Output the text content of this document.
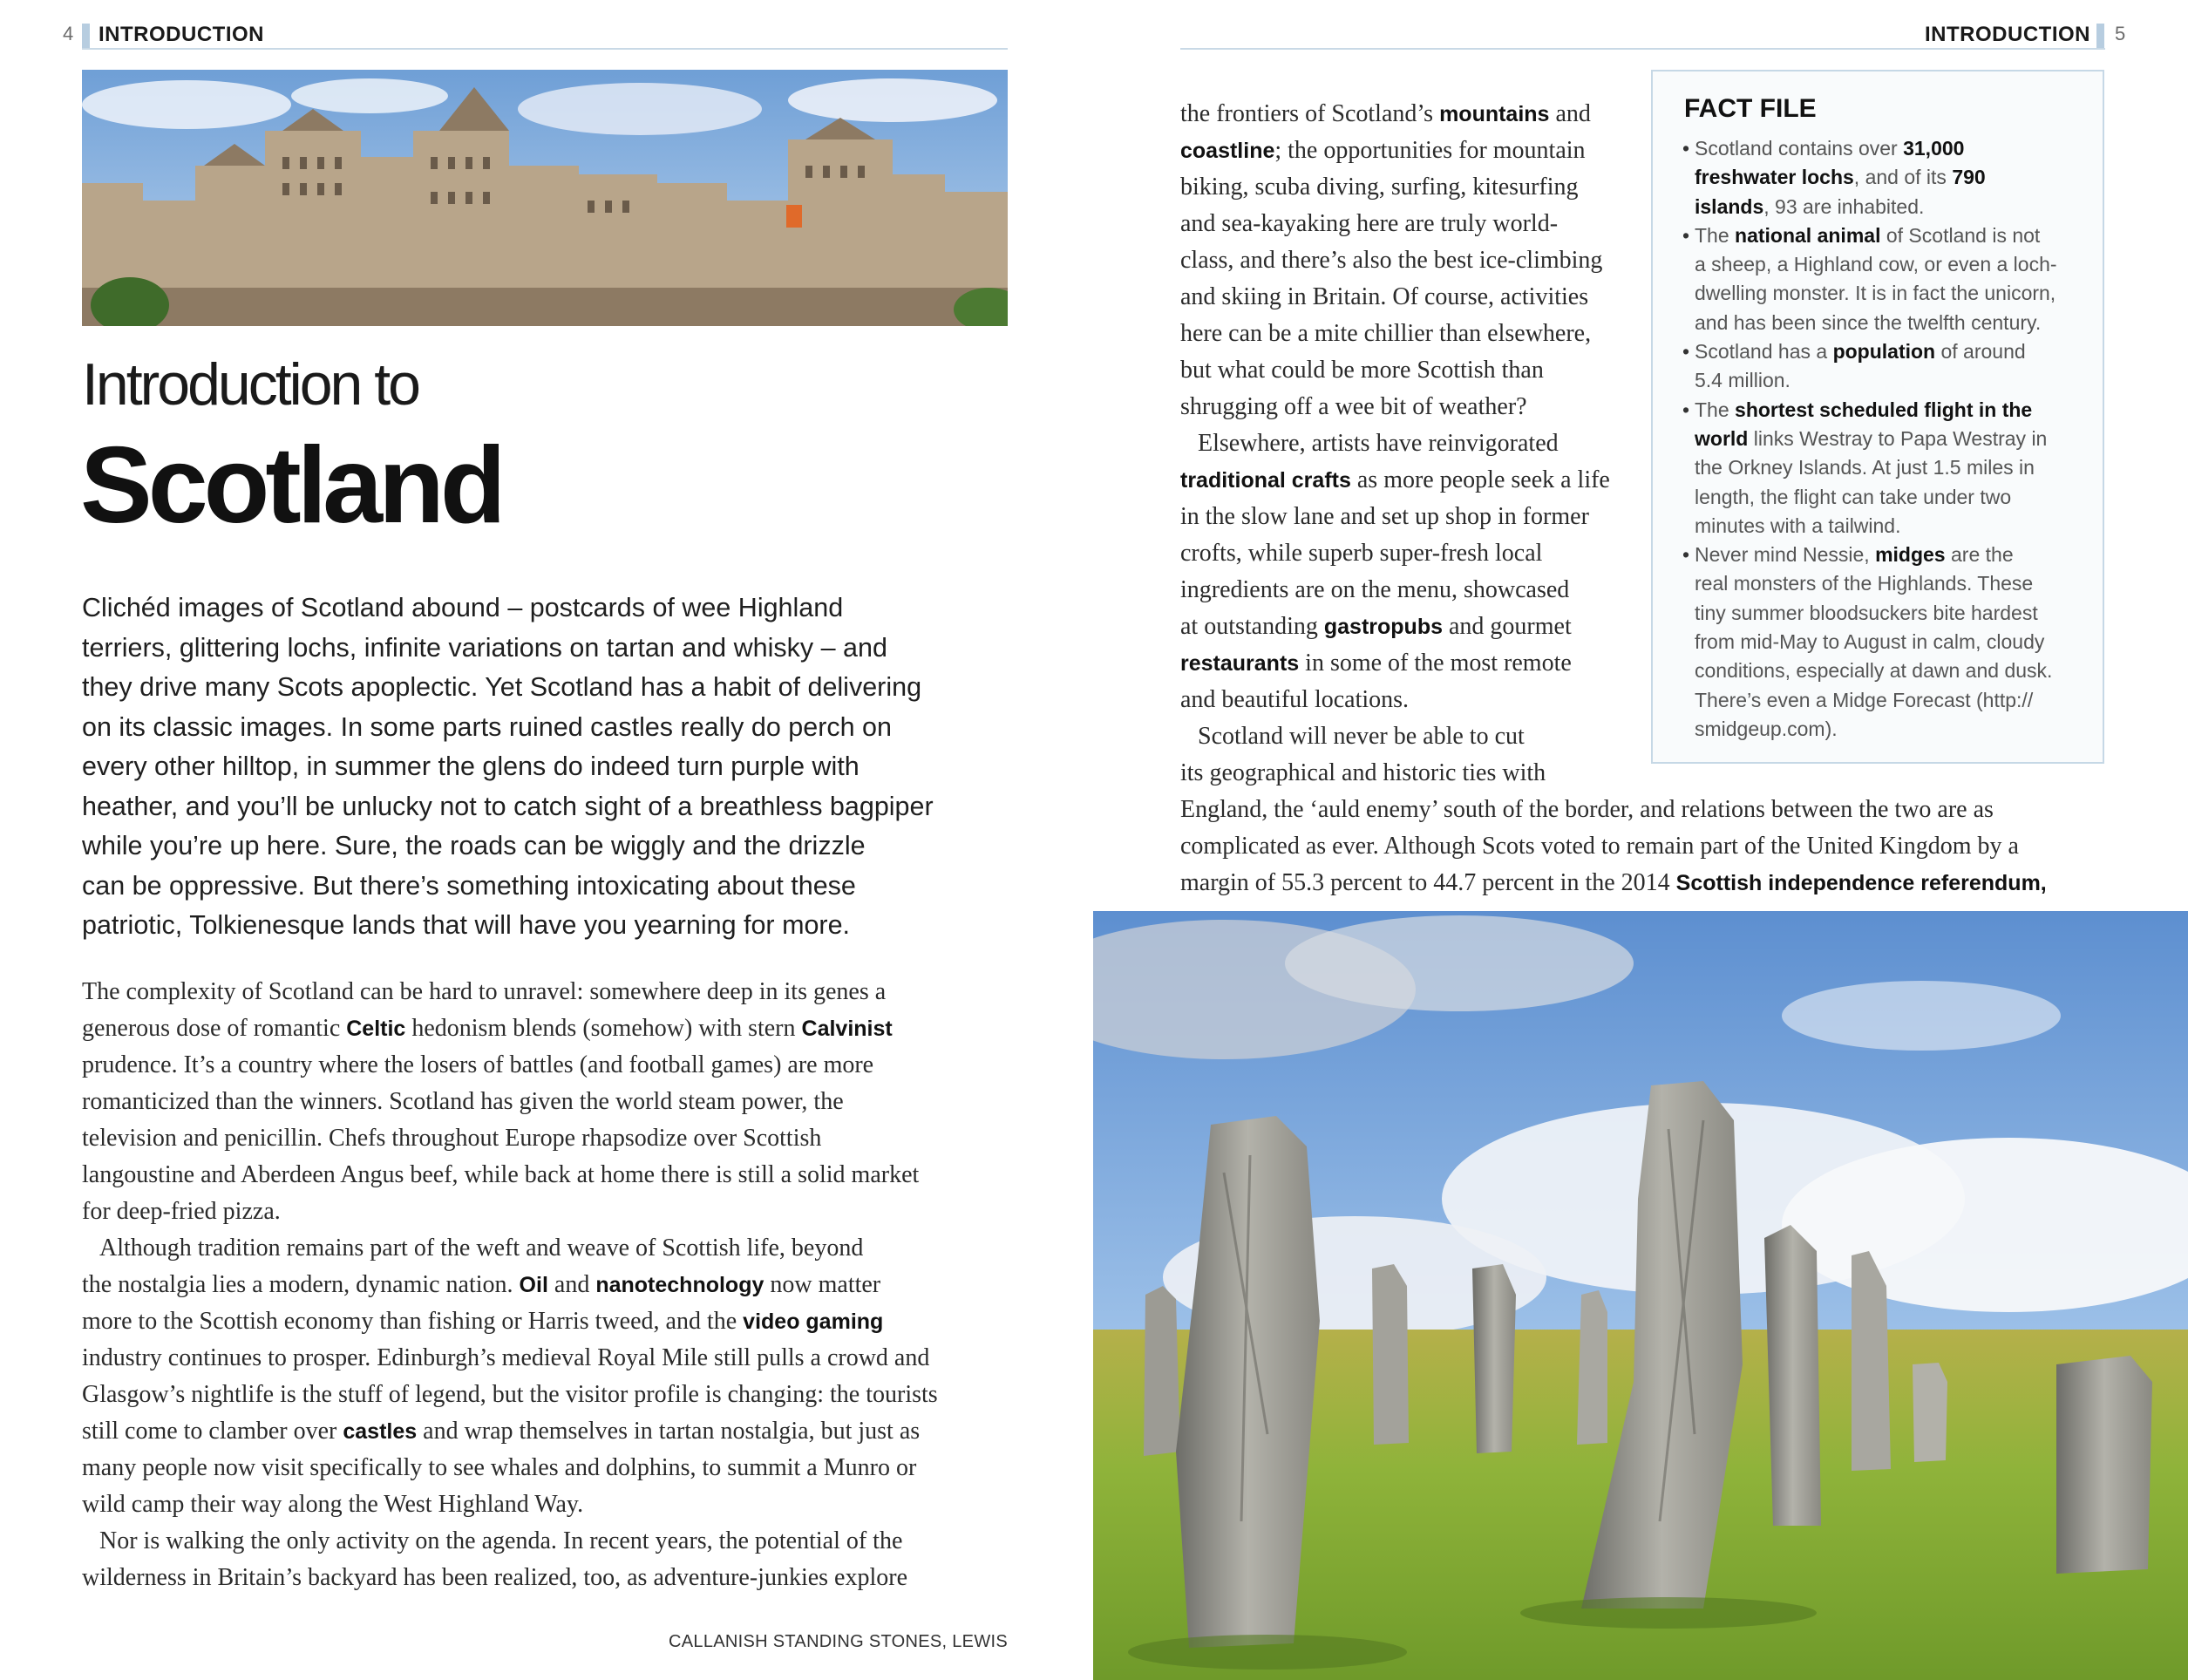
4 INTRODUCTION	INTRODUCTION 5
Introduction to
Scotland
Clichéd images of Scotland abound – postcards of wee Highland
terriers, glittering lochs, infinite variations on tartan and whisky – and
they drive many Scots apoplectic. Yet Scotland has a habit of delivering
on its classic images. In some parts ruined castles really do perch on
every other hilltop, in summer the glens do indeed turn purple with
heather, and you’ll be unlucky not to catch sight of a breathless bagpiper
while you’re up here. Sure, the roads can be wiggly and the drizzle
can be oppressive. But there’s something intoxicating about these
patriotic, Tolkienesque lands that will have you yearning for more.
The complexity of Scotland can be hard to unravel: somewhere deep in its genes a
generous dose of romantic Celtic hedonism blends (somehow) with stern Calvinist
prudence. It’s a country where the losers of battles (and football games) are more
romanticized than the winners. Scotland has given the world steam power, the
television and penicillin. Chefs throughout Europe rhapsodize over Scottish
langoustine and Aberdeen Angus beef, while back at home there is still a solid market
for deep-fried pizza.
Although tradition remains part of the weft and weave of Scottish life, beyond
the nostalgia lies a modern, dynamic nation. Oil and nanotechnology now matter
more to the Scottish economy than fishing or Harris tweed, and the video gaming
industry continues to prosper. Edinburgh’s medieval Royal Mile still pulls a crowd and
Glasgow’s nightlife is the stuff of legend, but the visitor profile is changing: the tourists
still come to clamber over castles and wrap themselves in tartan nostalgia, but just as
many people now visit specifically to see whales and dolphins, to summit a Munro or
wild camp their way along the West Highland Way.
Nor is walking the only activity on the agenda. In recent years, the potential of the
wilderness in Britain’s backyard has been realized, too, as adventure-junkies explore
the frontiers of Scotland’s mountains and
coastline; the opportunities for mountain
biking, scuba diving, surfing, kitesurfing
and sea-kayaking here are truly world-
class, and there’s also the best ice-climbing
and skiing in Britain. Of course, activities
here can be a mite chillier than elsewhere,
but what could be more Scottish than
shrugging off a wee bit of weather?
Elsewhere, artists have reinvigorated
traditional crafts as more people seek a life
in the slow lane and set up shop in former
crofts, while superb super-fresh local
ingredients are on the menu, showcased
at outstanding gastropubs and gourmet
restaurants in some of the most remote
and beautiful locations.
Scotland will never be able to cut
its geographical and historic ties with
England, the ‘auld enemy’ south of the border, and relations between the two are as
complicated as ever. Although Scots voted to remain part of the United Kingdom by a
margin of 55.3 percent to 44.7 percent in the 2014 Scottish independence referendum,
FACT FILE
• Scotland contains over 31,000
freshwater lochs, and of its 790
islands, 93 are inhabited.
• The national animal of Scotland is not
a sheep, a Highland cow, or even a loch-
dwelling monster. It is in fact the unicorn,
and has been since the twelfth century.
• Scotland has a population of around
5.4 million.
• The shortest scheduled flight in the
world links Westray to Papa Westray in
the Orkney Islands. At just 1.5 miles in
length, the flight can take under two
minutes with a tailwind.
• Never mind Nessie, midges are the
real monsters of the Highlands. These
tiny summer bloodsuckers bite hardest
from mid-May to August in calm, cloudy
conditions, especially at dawn and dusk.
There’s even a Midge Forecast (http://
smidgeup.com).
CALLANISH STANDING STONES, LEWIS
